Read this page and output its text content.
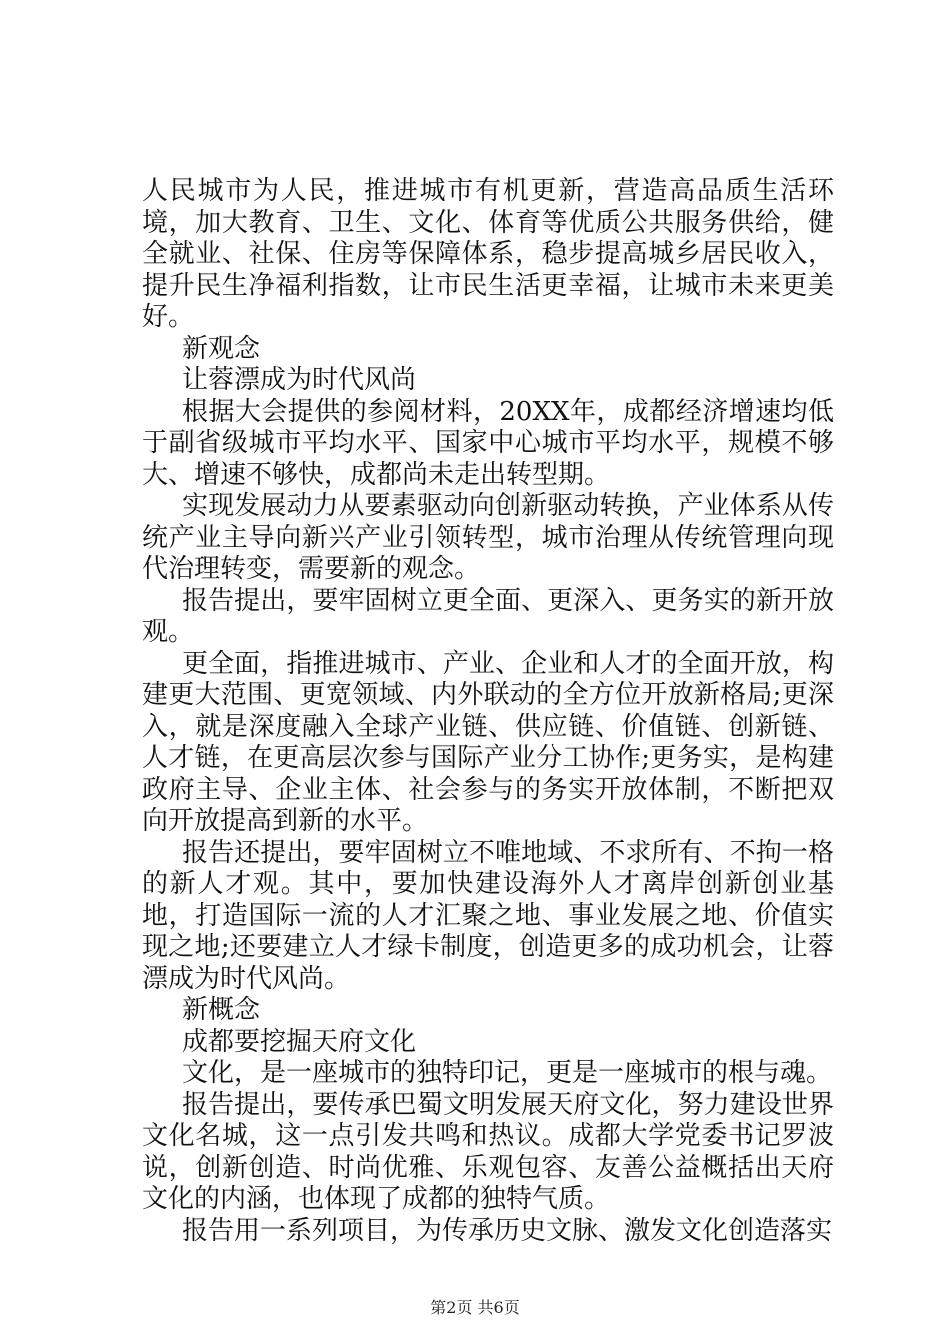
人民城市为人民，推进城市有机更新，营造高品质生活环境，加大教育、卫生、文化、体育等优质公共服务供给，健全就业、社保、住房等保障体系，稳步提高城乡居民收入，提升民生净福利指数，让市民生活更幸福，让城市未来更美好。

新观念

让蓉漂成为时代风尚

根据大会提供的参阅材料，20XX年，成都经济增速均低于副省级城市平均水平、国家中心城市平均水平，规模不够大、增速不够快，成都尚未走出转型期。

实现发展动力从要素驱动向创新驱动转换，产业体系从传统产业主导向新兴产业引领转型，城市治理从传统管理向现代治理转变，需要新的观念。

报告提出，要牢固树立更全面、更深入、更务实的新开放观。

更全面，指推进城市、产业、企业和人才的全面开放，构建更大范围、更宽领域、内外联动的全方位开放新格局;更深入，就是深度融入全球产业链、供应链、价值链、创新链、人才链，在更高层次参与国际产业分工协作;更务实，是构建政府主导、企业主体、社会参与的务实开放体制，不断把双向开放提高到新的水平。

报告还提出，要牢固树立不唯地域、不求所有、不拘一格的新人才观。其中，要加快建设海外人才离岸创新创业基地，打造国际一流的人才汇聚之地、事业发展之地、价值实现之地;还要建立人才绿卡制度，创造更多的成功机会，让蓉漂成为时代风尚。

新概念

成都要挖掘天府文化

文化，是一座城市的独特印记，更是一座城市的根与魂。

报告提出，要传承巴蜀文明发展天府文化，努力建设世界文化名城，这一点引发共鸣和热议。成都大学党委书记罗波说，创新创造、时尚优雅、乐观包容、友善公益概括出天府文化的内涵，也体现了成都的独特气质。

报告用一系列项目，为传承历史文脉、激发文化创造落实

第2页 共6页
